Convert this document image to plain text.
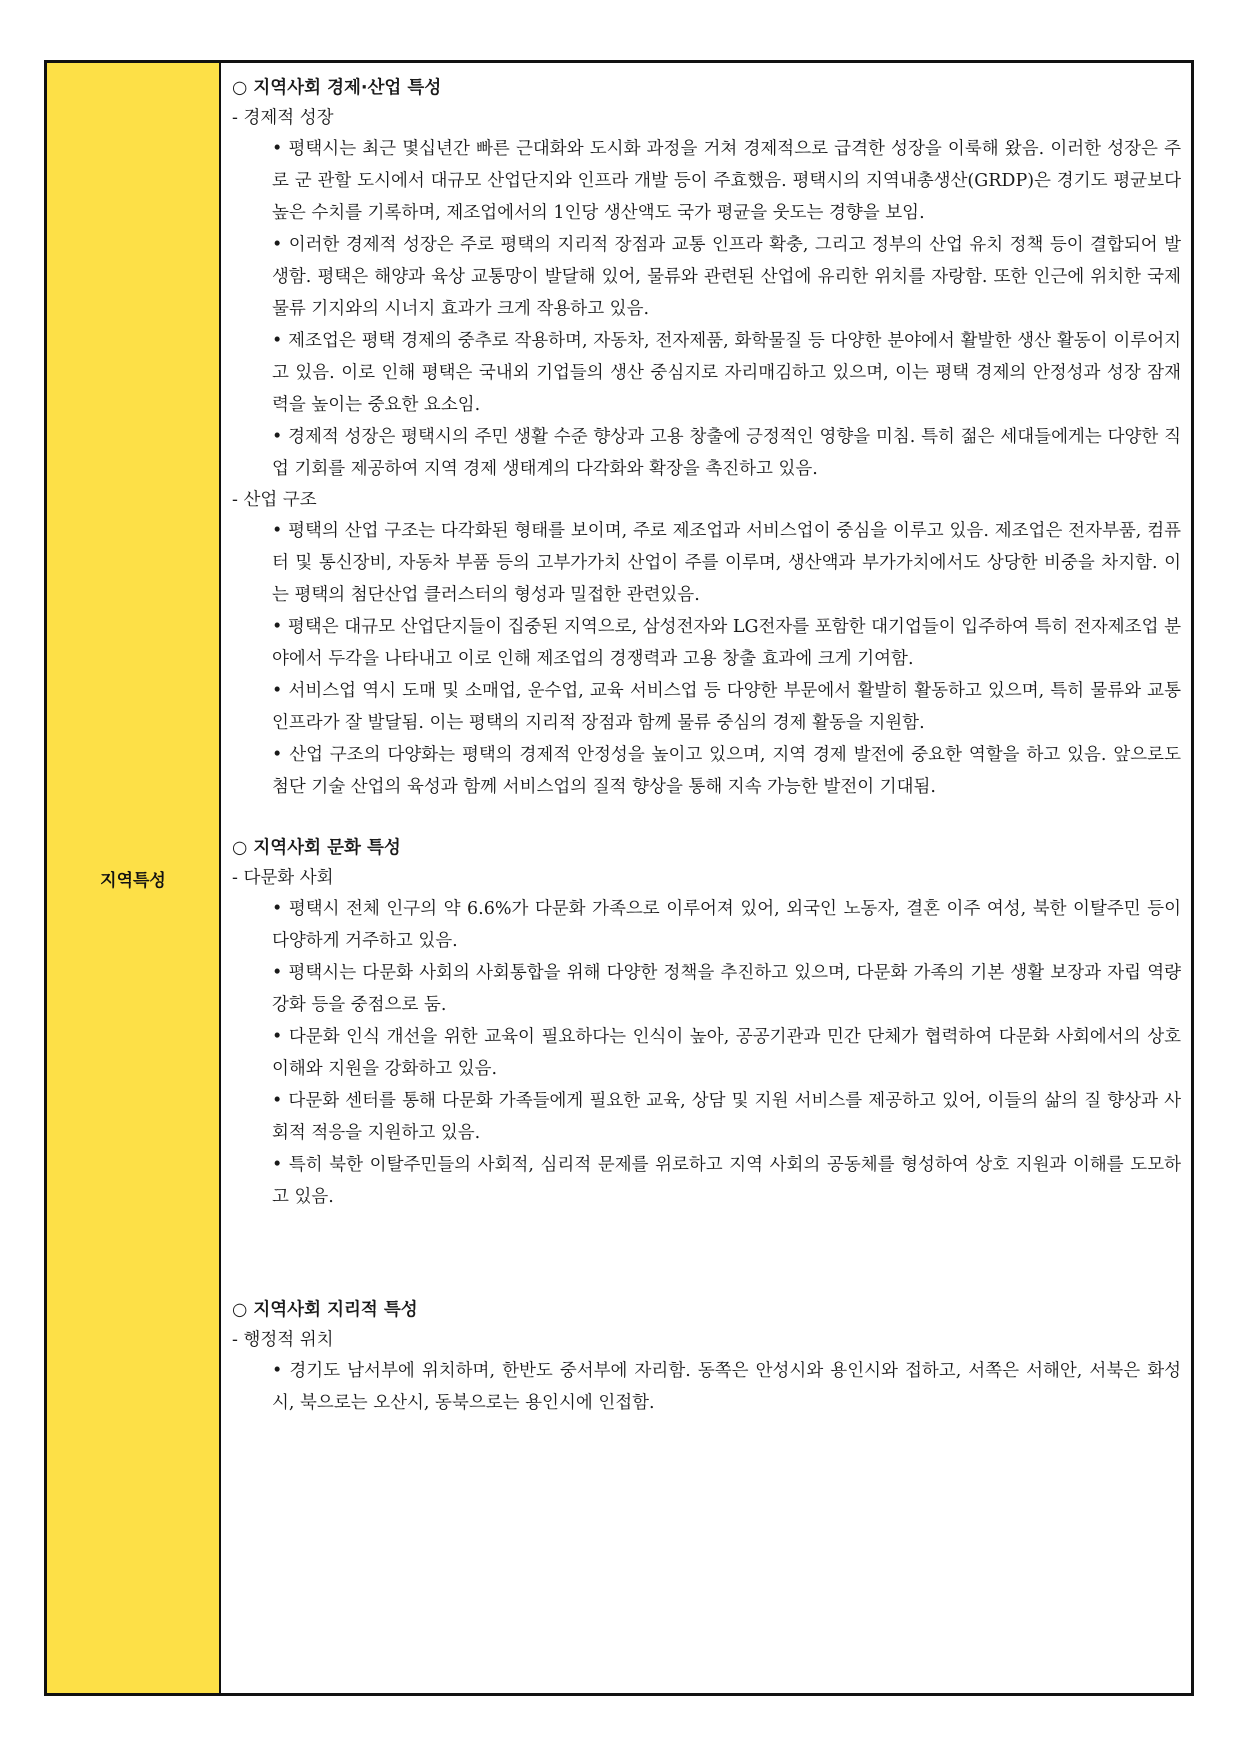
지역특성

○ 지역사회 경제·산업 특성

- 경제적 성장

• 평택시는 최근 몇십년간 빠른 근대화와 도시화 과정을 거쳐 경제적으로 급격한 성장을 이룩해 왔음. 이러한 성장은 주로 군 관할 도시에서 대규모 산업단지와 인프라 개발 등이 주효했음. 평택시의 지역내총생산(GRDP)은 경기도 평균보다 높은 수치를 기록하며, 제조업에서의 1인당 생산액도 국가 평균을 웃도는 경향을 보임.

• 이러한 경제적 성장은 주로 평택의 지리적 장점과 교통 인프라 확충, 그리고 정부의 산업 유치 정책 등이 결합되어 발생함. 평택은 해양과 육상 교통망이 발달해 있어, 물류와 관련된 산업에 유리한 위치를 자랑함. 또한 인근에 위치한 국제 물류 기지와의 시너지 효과가 크게 작용하고 있음.

• 제조업은 평택 경제의 중추로 작용하며, 자동차, 전자제품, 화학물질 등 다양한 분야에서 활발한 생산 활동이 이루어지고 있음. 이로 인해 평택은 국내외 기업들의 생산 중심지로 자리매김하고 있으며, 이는 평택 경제의 안정성과 성장 잠재력을 높이는 중요한 요소임.

• 경제적 성장은 평택시의 주민 생활 수준 향상과 고용 창출에 긍정적인 영향을 미침. 특히 젊은 세대들에게는 다양한 직업 기회를 제공하여 지역 경제 생태계의 다각화와 확장을 촉진하고 있음.

- 산업 구조

• 평택의 산업 구조는 다각화된 형태를 보이며, 주로 제조업과 서비스업이 중심을 이루고 있음. 제조업은 전자부품, 컴퓨터 및 통신장비, 자동차 부품 등의 고부가가치 산업이 주를 이루며, 생산액과 부가가치에서도 상당한 비중을 차지함. 이는 평택의 첨단산업 클러스터의 형성과 밀접한 관련있음.

• 평택은 대규모 산업단지들이 집중된 지역으로, 삼성전자와 LG전자를 포함한 대기업들이 입주하여 특히 전자제조업 분야에서 두각을 나타내고 이로 인해 제조업의 경쟁력과 고용 창출 효과에 크게 기여함.

• 서비스업 역시 도매 및 소매업, 운수업, 교육 서비스업 등 다양한 부문에서 활발히 활동하고 있으며, 특히 물류와 교통 인프라가 잘 발달됨. 이는 평택의 지리적 장점과 함께 물류 중심의 경제 활동을 지원함.

• 산업 구조의 다양화는 평택의 경제적 안정성을 높이고 있으며, 지역 경제 발전에 중요한 역할을 하고 있음. 앞으로도 첨단 기술 산업의 육성과 함께 서비스업의 질적 향상을 통해 지속 가능한 발전이 기대됨.

○ 지역사회 문화 특성

- 다문화 사회

• 평택시 전체 인구의 약 6.6%가 다문화 가족으로 이루어져 있어, 외국인 노동자, 결혼 이주 여성, 북한 이탈주민 등이 다양하게 거주하고 있음.

• 평택시는 다문화 사회의 사회통합을 위해 다양한 정책을 추진하고 있으며, 다문화 가족의 기본 생활 보장과 자립 역량 강화 등을 중점으로 둠.

• 다문화 인식 개선을 위한 교육이 필요하다는 인식이 높아, 공공기관과 민간 단체가 협력하여 다문화 사회에서의 상호 이해와 지원을 강화하고 있음.

• 다문화 센터를 통해 다문화 가족들에게 필요한 교육, 상담 및 지원 서비스를 제공하고 있어, 이들의 삶의 질 향상과 사회적 적응을 지원하고 있음.

• 특히 북한 이탈주민들의 사회적, 심리적 문제를 위로하고 지역 사회의 공동체를 형성하여 상호 지원과 이해를 도모하고 있음.

○ 지역사회 지리적 특성

- 행정적 위치

• 경기도 남서부에 위치하며, 한반도 중서부에 자리함. 동쪽은 안성시와 용인시와 접하고, 서쪽은 서해안, 서북은 화성시, 북으로는 오산시, 동북으로는 용인시에 인접함.
